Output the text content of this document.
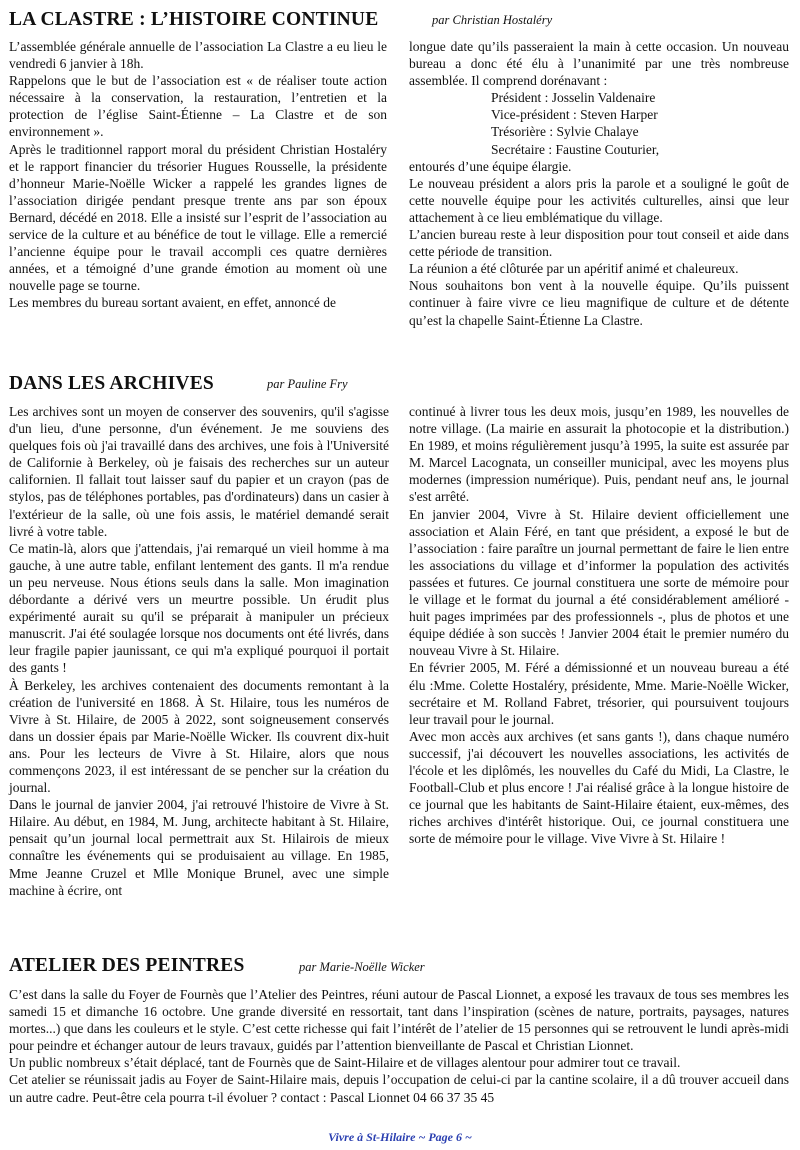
LA CLASTRE : L’HISTOIRE CONTINUE	par Christian Hostaléry

L’assemblée générale annuelle de l’association La Clastre a eu lieu le vendredi 6 janvier à 18h.

Rappelons que le but de l’association est « de réaliser toute action nécessaire à la conservation, la restauration, l’entretien et la protection de l’église Saint-Étienne – La Clastre et de son environnement ».

Après le traditionnel rapport moral du président Christian Hostaléry et le rapport financier du trésorier Hugues Rousselle, la présidente d’honneur Marie-Noëlle Wicker a rappelé les grandes lignes de l’association dirigée pendant presque trente ans par son époux Bernard, décédé en 2018. Elle a insisté sur l’esprit de l’association au service de la culture et au bénéfice de tout le village. Elle a remercié l’ancienne équipe pour le travail accompli ces quatre dernières années, et a témoigné d’une grande émotion au moment où une nouvelle page se tourne.

Les membres du bureau sortant avaient, en effet, annoncé de

longue date qu’ils passeraient la main à cette occasion. Un nouveau bureau a donc été élu à l’unanimité par une très nombreuse assemblée. Il comprend dorénavant :

Président : Josselin Valdenaire
Vice-président : Steven Harper
Trésorière : Sylvie Chalaye
Secrétaire : Faustine Couturier,

entourés d’une équipe élargie.

Le nouveau président a alors pris la parole et a souligné le goût de cette nouvelle équipe pour les activités culturelles, ainsi que leur attachement à ce lieu emblématique du village.

L’ancien bureau reste à leur disposition pour tout conseil et aide dans cette période de transition.

La réunion a été clôturée par un apéritif animé et chaleureux.

Nous souhaitons bon vent à la nouvelle équipe. Qu’ils puissent continuer à faire vivre ce lieu magnifique de culture et de détente qu’est la chapelle Saint-Étienne La Clastre.

DANS LES ARCHIVES	par Pauline Fry

Les archives sont un moyen de conserver des souvenirs, qu'il s'agisse d'un lieu, d'une personne, d'un événement. Je me souviens des quelques fois où j'ai travaillé dans des archives, une fois à l'Université de Californie à Berkeley, où je faisais des recherches sur un auteur californien. Il fallait tout laisser sauf du papier et un crayon (pas de stylos, pas de téléphones portables, pas d'ordinateurs) dans un casier à l'extérieur de la salle, où une fois assis, le matériel demandé serait livré à votre table.

Ce matin-là, alors que j'attendais, j'ai remarqué un vieil homme à ma gauche, à une autre table, enfilant lentement des gants. Il m'a rendue un peu nerveuse. Nous étions seuls dans la salle. Mon imagination débordante a dérivé vers un meurtre possible. Un érudit plus expérimenté aurait su qu'il se préparait à manipuler un précieux manuscrit. J'ai été soulagée lorsque nos documents ont été livrés, dans leur fragile papier jaunissant, ce qui m'a expliqué pourquoi il portait des gants !

À Berkeley, les archives contenaient des documents remontant à la création de l'université en 1868. À St. Hilaire, tous les numéros de Vivre à St. Hilaire, de 2005 à 2022, sont soigneusement conservés dans un dossier épais par Marie-Noëlle Wicker. Ils couvrent dix-huit ans. Pour les lecteurs de Vivre à St. Hilaire, alors que nous commençons 2023, il est intéressant de se pencher sur la création du journal.

Dans le journal de janvier 2004, j'ai retrouvé l'histoire de Vivre à St. Hilaire. Au début, en 1984, M. Jung, architecte habitant à St. Hilaire, pensait qu’un journal local permettrait aux St. Hilairois de mieux connaître les événements qui se produisaient au village. En 1985, Mme Jeanne Cruzel et Mlle Monique Brunel, avec une simple machine à écrire, ont

continué à livrer tous les deux mois, jusqu’en 1989, les nouvelles de notre village. (La mairie en assurait la photocopie et la distribution.) En 1989, et moins régulièrement jusqu’à 1995, la suite est assurée par M. Marcel Lacognata, un conseiller municipal, avec les moyens plus modernes (impression numérique). Puis, pendant neuf ans, le journal s'est arrêté.

En janvier 2004, Vivre à St. Hilaire devient officiellement une association et Alain Féré, en tant que président, a exposé le but de l’association : faire paraître un journal permettant de faire le lien entre les associations du village et d’informer la population des activités passées et futures. Ce journal constituera une sorte de mémoire pour le village et le format du journal a été considérablement amélioré - huit pages imprimées par des professionnels -, plus de photos et une équipe dédiée à son succès ! Janvier 2004 était le premier numéro du nouveau Vivre à St. Hilaire.

En février 2005, M. Féré a démissionné et un nouveau bureau a été élu :Mme. Colette Hostaléry, présidente, Mme. Marie-Noëlle Wicker, secrétaire et M. Rolland Fabret, trésorier, qui poursuivent toujours leur travail pour le journal.

Avec mon accès aux archives (et sans gants !), dans chaque numéro successif, j'ai découvert les nouvelles associations, les activités de l'école et les diplômés, les nouvelles du Café du Midi, La Clastre, le Football-Club et plus encore ! J'ai réalisé grâce à la longue histoire de ce journal que les habitants de Saint-Hilaire étaient, eux-mêmes, des riches archives d'intérêt historique. Oui, ce journal constituera une sorte de mémoire pour le village. Vive Vivre à St. Hilaire !

ATELIER DES PEINTRES	par Marie-Noëlle Wicker

C’est dans la salle du Foyer de Fournès que l’Atelier des Peintres, réuni autour de Pascal Lionnet, a exposé les travaux de tous ses membres les samedi 15 et dimanche 16 octobre. Une grande diversité en ressortait, tant dans l’inspiration (scènes de nature, portraits, paysages, natures mortes...) que dans les couleurs et le style. C’est cette richesse qui fait l’intérêt de l’atelier de 15 personnes qui se retrouvent le lundi après-midi pour peindre et échanger autour de leurs travaux, guidés par l’attention bienveillante de Pascal et Christian Lionnet.

Un public nombreux s’était déplacé, tant de Fournès que de Saint-Hilaire et de villages alentour pour admirer tout ce travail.

Cet atelier se réunissait jadis au Foyer de Saint-Hilaire mais, depuis l’occupation de celui-ci par la cantine scolaire, il a dû trouver accueil dans un autre cadre. Peut-être cela pourra t-il évoluer ? contact : Pascal Lionnet 04 66 37 35 45

Vivre à St-Hilaire ~ Page 6 ~
